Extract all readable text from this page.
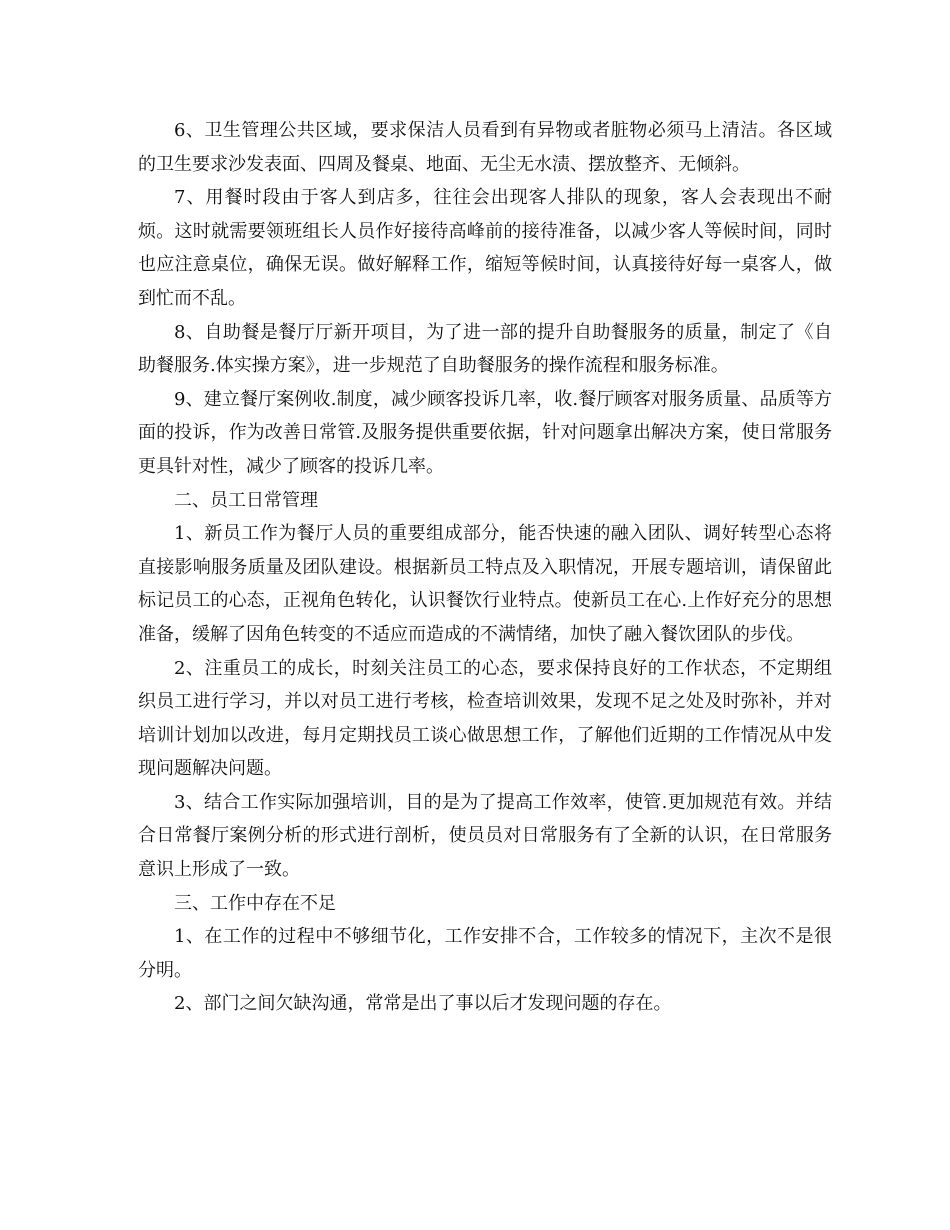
6、卫生管理公共区域，要求保洁人员看到有异物或者脏物必须马上清洁。各区域的卫生要求沙发表面、四周及餐桌、地面、无尘无水渍、摆放整齐、无倾斜。

7、用餐时段由于客人到店多，往往会出现客人排队的现象，客人会表现出不耐烦。这时就需要领班组长人员作好接待高峰前的接待准备，以减少客人等候时间，同时也应注意桌位，确保无误。做好解释工作，缩短等候时间，认真接待好每一桌客人，做到忙而不乱。

8、自助餐是餐厅厅新开项目，为了进一部的提升自助餐服务的质量，制定了《自助餐服务.体实操方案》，进一步规范了自助餐服务的操作流程和服务标准。

9、建立餐厅案例收.制度，减少顾客投诉几率，收.餐厅顾客对服务质量、品质等方面的投诉，作为改善日常管.及服务提供重要依据，针对问题拿出解决方案，使日常服务更具针对性，减少了顾客的投诉几率。

二、员工日常管理

1、新员工作为餐厅人员的重要组成部分，能否快速的融入团队、调好转型心态将直接影响服务质量及团队建设。根据新员工特点及入职情况，开展专题培训，请保留此标记员工的心态，正视角色转化，认识餐饮行业特点。使新员工在心.上作好充分的思想准备，缓解了因角色转变的不适应而造成的不满情绪，加快了融入餐饮团队的步伐。

2、注重员工的成长，时刻关注员工的心态，要求保持良好的工作状态，不定期组织员工进行学习，并以对员工进行考核，检查培训效果，发现不足之处及时弥补，并对培训计划加以改进，每月定期找员工谈心做思想工作，了解他们近期的工作情况从中发现问题解决问题。

3、结合工作实际加强培训，目的是为了提高工作效率，使管.更加规范有效。并结合日常餐厅案例分析的形式进行剖析，使员员对日常服务有了全新的认识，在日常服务意识上形成了一致。

三、工作中存在不足

1、在工作的过程中不够细节化，工作安排不合，工作较多的情况下，主次不是很分明。

2、部门之间欠缺沟通，常常是出了事以后才发现问题的存在。
